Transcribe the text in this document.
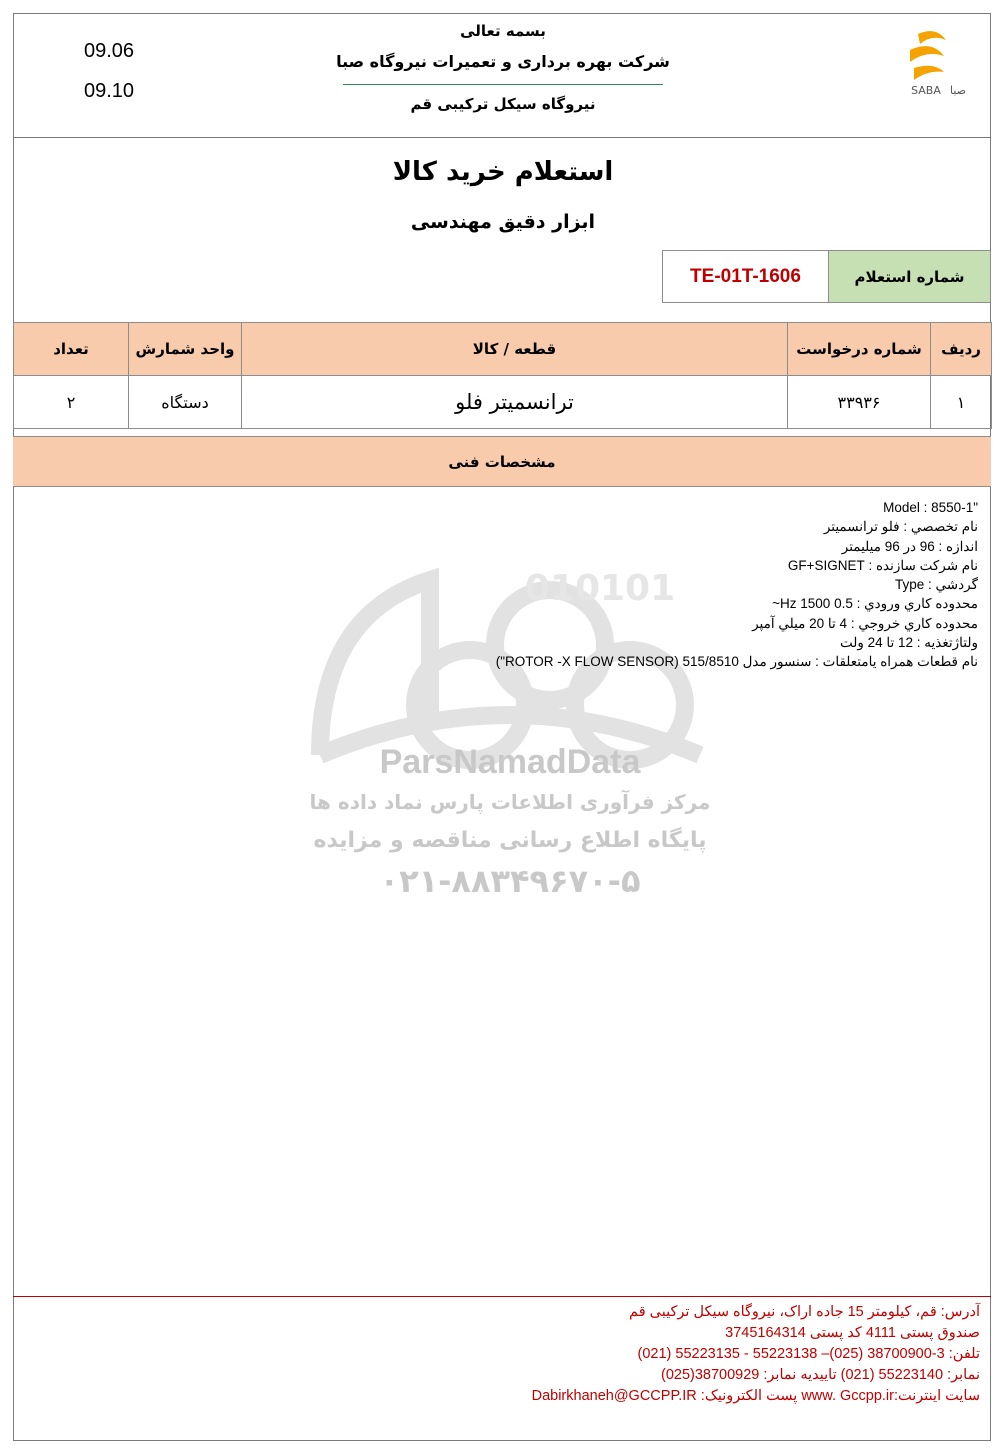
SABA صبا
بسمه تعالی
شرکت بهره برداری و تعمیرات نیروگاه صبا
نیروگاه سیکل ترکیبی قم
09.06
09.10
استعلام خرید کالا
ابزار دقیق مهندسی
TE-01T-1606	شماره استعلام
ردیف	شماره درخواست	قطعه / کالا	واحد شمارش	تعداد
۱	۳۳۹۳۶	ترانسمیتر فلو	دستگاه	۲
مشخصات فنی
010101
ParsNamadData
مرکز فرآوری اطلاعات پارس نماد داده ها
پایگاه اطلاع رسانی مناقصه و مزایده
۰۲۱-۸۸۳۴۹۶۷۰-۵
Model : 8550-1"
نام تخصصي : فلو ترانسميتر
اندازه : 96 در 96 ميليمتر
نام شرکت سازنده : GF+SIGNET
Type : گردشي
محدوده کاري ورودي : 0.5 Hz 1500~
محدوده کاري خروجي : 4 تا 20 ميلي آمپر
ولتاژتغذيه : 12 تا 24 ولت
نام قطعات همراه يامتعلقات : سنسور مدل 515/8510 (ROTOR -X FLOW SENSOR")
آدرس: قم، کیلومتر 15 جاده اراک، نیروگاه سیکل ترکیبی قم
صندوق پستی 4111 کد پستی 3745164314
تلفن: 3-38700900 (025)– 55223138 - 55223135 (021)
نمابر: 55223140 (021) تاییدیه نمابر: 38700929(025)
سایت اینترنت:www. Gccpp.ir پست الکترونیک: Dabirkhaneh@GCCPP.IR
